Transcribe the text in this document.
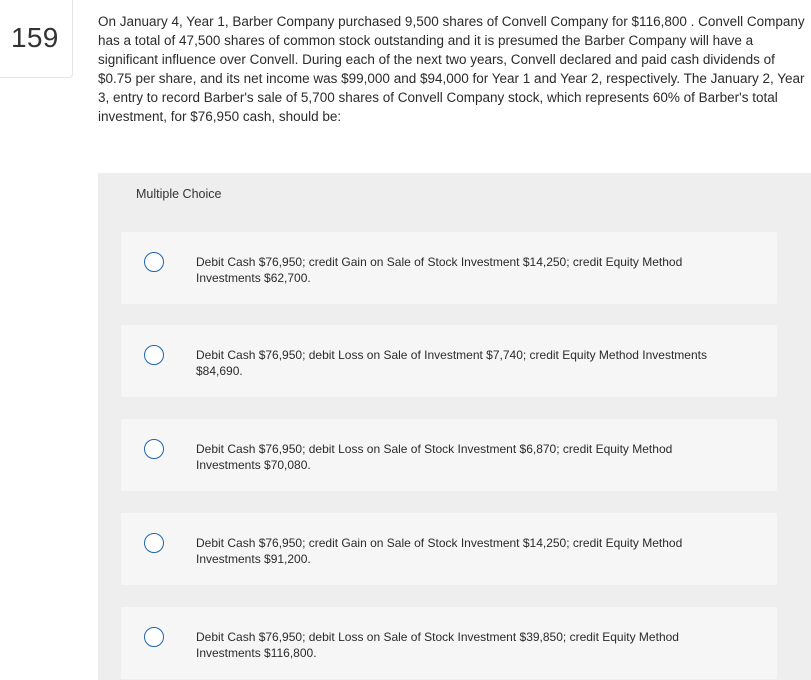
159
On January 4, Year 1, Barber Company purchased 9,500 shares of Convell Company for $116,800 . Convell Company has a total of 47,500 shares of common stock outstanding and it is presumed the Barber Company will have a significant influence over Convell. During each of the next two years, Convell declared and paid cash dividends of $0.75 per share, and its net income was $99,000 and $94,000 for Year 1 and Year 2, respectively. The January 2, Year 3, entry to record Barber's sale of 5,700 shares of Convell Company stock, which represents 60% of Barber's total investment, for $76,950 cash, should be:
Multiple Choice
Debit Cash $76,950; credit Gain on Sale of Stock Investment $14,250; credit Equity Method Investments $62,700.
Debit Cash $76,950; debit Loss on Sale of Investment $7,740; credit Equity Method Investments $84,690.
Debit Cash $76,950; debit Loss on Sale of Stock Investment $6,870; credit Equity Method Investments $70,080.
Debit Cash $76,950; credit Gain on Sale of Stock Investment $14,250; credit Equity Method Investments $91,200.
Debit Cash $76,950; debit Loss on Sale of Stock Investment $39,850; credit Equity Method Investments $116,800.
